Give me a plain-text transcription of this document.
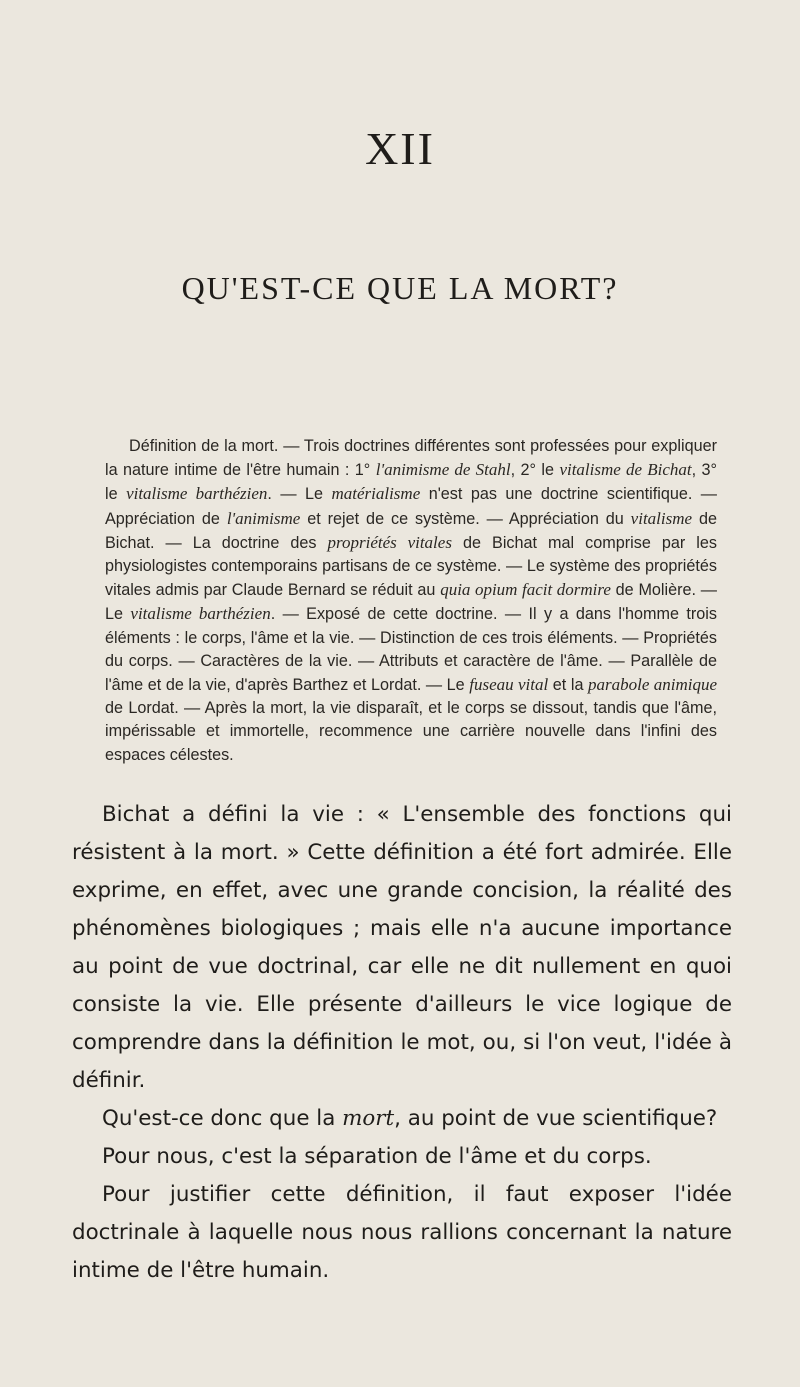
XII
QU'EST-CE QUE LA MORT?
Définition de la mort. — Trois doctrines différentes sont professées pour expliquer la nature intime de l'être humain : 1° l'animisme de Stahl, 2° le vitalisme de Bichat, 3° le vitalisme barthézien. — Le matérialisme n'est pas une doctrine scientifique. — Appréciation de l'animisme et rejet de ce système. — Appréciation du vitalisme de Bichat. — La doctrine des propriétés vitales de Bichat mal comprise par les physiologistes contemporains partisans de ce système. — Le système des propriétés vitales admis par Claude Bernard se réduit au quia opium facit dormire de Molière. — Le vitalisme barthézien. — Exposé de cette doctrine. — Il y a dans l'homme trois éléments : le corps, l'âme et la vie. — Distinction de ces trois éléments. — Propriétés du corps. — Caractères de la vie. — Attributs et caractère de l'âme. — Parallèle de l'âme et de la vie, d'après Barthez et Lordat. — Le fuseau vital et la parabole animique de Lordat. — Après la mort, la vie disparaît, et le corps se dissout, tandis que l'âme, impérissable et immortelle, recommence une carrière nouvelle dans l'infini des espaces célestes.

Bichat a défini la vie : « L'ensemble des fonctions qui résistent à la mort. » Cette définition a été fort admirée. Elle exprime, en effet, avec une grande concision, la réalité des phénomènes biologiques ; mais elle n'a aucune importance au point de vue doctrinal, car elle ne dit nullement en quoi consiste la vie. Elle présente d'ailleurs le vice logique de comprendre dans la définition le mot, ou, si l'on veut, l'idée à définir.

Qu'est-ce donc que la mort, au point de vue scientifique?

Pour nous, c'est la séparation de l'âme et du corps.

Pour justifier cette définition, il faut exposer l'idée doctrinale à laquelle nous nous rallions concernant la nature intime de l'être humain.
